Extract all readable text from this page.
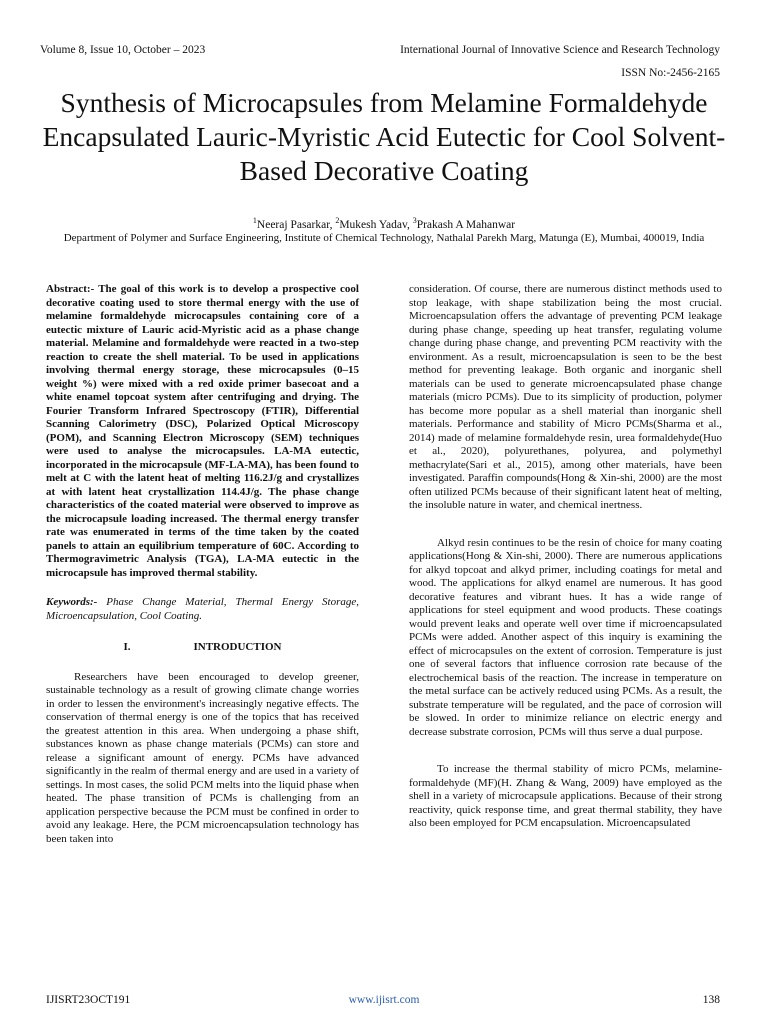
Volume 8, Issue 10, October – 2023	International Journal of Innovative Science and Research Technology
ISSN No:-2456-2165
Synthesis of Microcapsules from Melamine Formaldehyde Encapsulated Lauric-Myristic Acid Eutectic for Cool Solvent-Based Decorative Coating
$^1$Neeraj Pasarkar, $^2$Mukesh Yadav, $^3$Prakash A Mahanwar
Department of Polymer and Surface Engineering, Institute of Chemical Technology, Nathalal Parekh Marg, Matunga (E), Mumbai, 400019, India

Abstract:- The goal of this work is to develop a prospective cool decorative coating used to store thermal energy with the use of melamine formaldehyde microcapsules containing core of a eutectic mixture of Lauric acid-Myristic acid as a phase change material. Melamine and formaldehyde were reacted in a two-step reaction to create the shell material. To be used in applications involving thermal energy storage, these microcapsules (0–15 weight %) were mixed with a red oxide primer basecoat and a white enamel topcoat system after centrifuging and drying. The Fourier Transform Infrared Spectroscopy (FTIR), Differential Scanning Calorimetry (DSC), Polarized Optical Microscopy (POM), and Scanning Electron Microscopy (SEM) techniques were used to analyse the microcapsules. LA-MA eutectic, incorporated in the microcapsule (MF-LA-MA), has been found to melt at C with the latent heat of melting 116.2J/g and crystallizes at with latent heat crystallization 114.4J/g. The phase change characteristics of the coated material were observed to improve as the microcapsule loading increased. The thermal energy transfer rate was enumerated in terms of the time taken by the coated panels to attain an equilibrium temperature of 60C. According to Thermogravimetric Analysis (TGA), LA-MA eutectic in the microcapsule has improved thermal stability.

Keywords:- Phase Change Material, Thermal Energy Storage, Microencapsulation, Cool Coating.

I.	INTRODUCTION

Researchers have been encouraged to develop greener, sustainable technology as a result of growing climate change worries in order to lessen the environment's increasingly negative effects. The conservation of thermal energy is one of the topics that has received the greatest attention in this area. When undergoing a phase shift, substances known as phase change materials (PCMs) can store and release a significant amount of energy. PCMs have advanced significantly in the realm of thermal energy and are used in a variety of settings. In most cases, the solid PCM melts into the liquid phase when heated. The phase transition of PCMs is challenging from an application perspective because the PCM must be confined in order to avoid any leakage. Here, the PCM microencapsulation technology has been taken into

consideration. Of course, there are numerous distinct methods used to stop leakage, with shape stabilization being the most crucial. Microencapsulation offers the advantage of preventing PCM leakage during phase change, speeding up heat transfer, regulating volume change during phase change, and preventing PCM reactivity with the environment. As a result, microencapsulation is seen to be the best method for preventing leakage. Both organic and inorganic shell materials can be used to generate microencapsulated phase change materials (micro PCMs). Due to its simplicity of production, polymer has become more popular as a shell material than inorganic shell materials. Performance and stability of Micro PCMs(Sharma et al., 2014) made of melamine formaldehyde resin, urea formaldehyde(Huo et al., 2020), polyurethanes, polyurea, and polymethyl methacrylate(Sari et al., 2015), among other materials, have been investigated. Paraffin compounds(Hong & Xin-shi, 2000) are the most often utilized PCMs because of their significant latent heat of melting, the insoluble nature in water, and chemical inertness.

Alkyd resin continues to be the resin of choice for many coating applications(Hong & Xin-shi, 2000). There are numerous applications for alkyd topcoat and alkyd primer, including coatings for metal and wood. The applications for alkyd enamel are numerous. It has good decorative features and vibrant hues. It has a wide range of applications for steel equipment and wood products. These coatings would prevent leaks and operate well over time if microencapsulated PCMs were added. Another aspect of this inquiry is examining the effect of microcapsules on the extent of corrosion. Temperature is just one of several factors that influence corrosion rate because of the electrochemical basis of the reaction. The increase in temperature on the metal surface can be actively reduced using PCMs. As a result, the substrate temperature will be regulated, and the pace of corrosion will be slowed. In order to minimize reliance on electric energy and decrease substrate corrosion, PCMs will thus serve a dual purpose.

To increase the thermal stability of micro PCMs, melamine-formaldehyde (MF)(H. Zhang & Wang, 2009) have employed as the shell in a variety of microcapsule applications. Because of their strong reactivity, quick response time, and great thermal stability, they have also been employed for PCM encapsulation. Microencapsulated

IJISRT23OCT191	www.ijisrt.com	138
